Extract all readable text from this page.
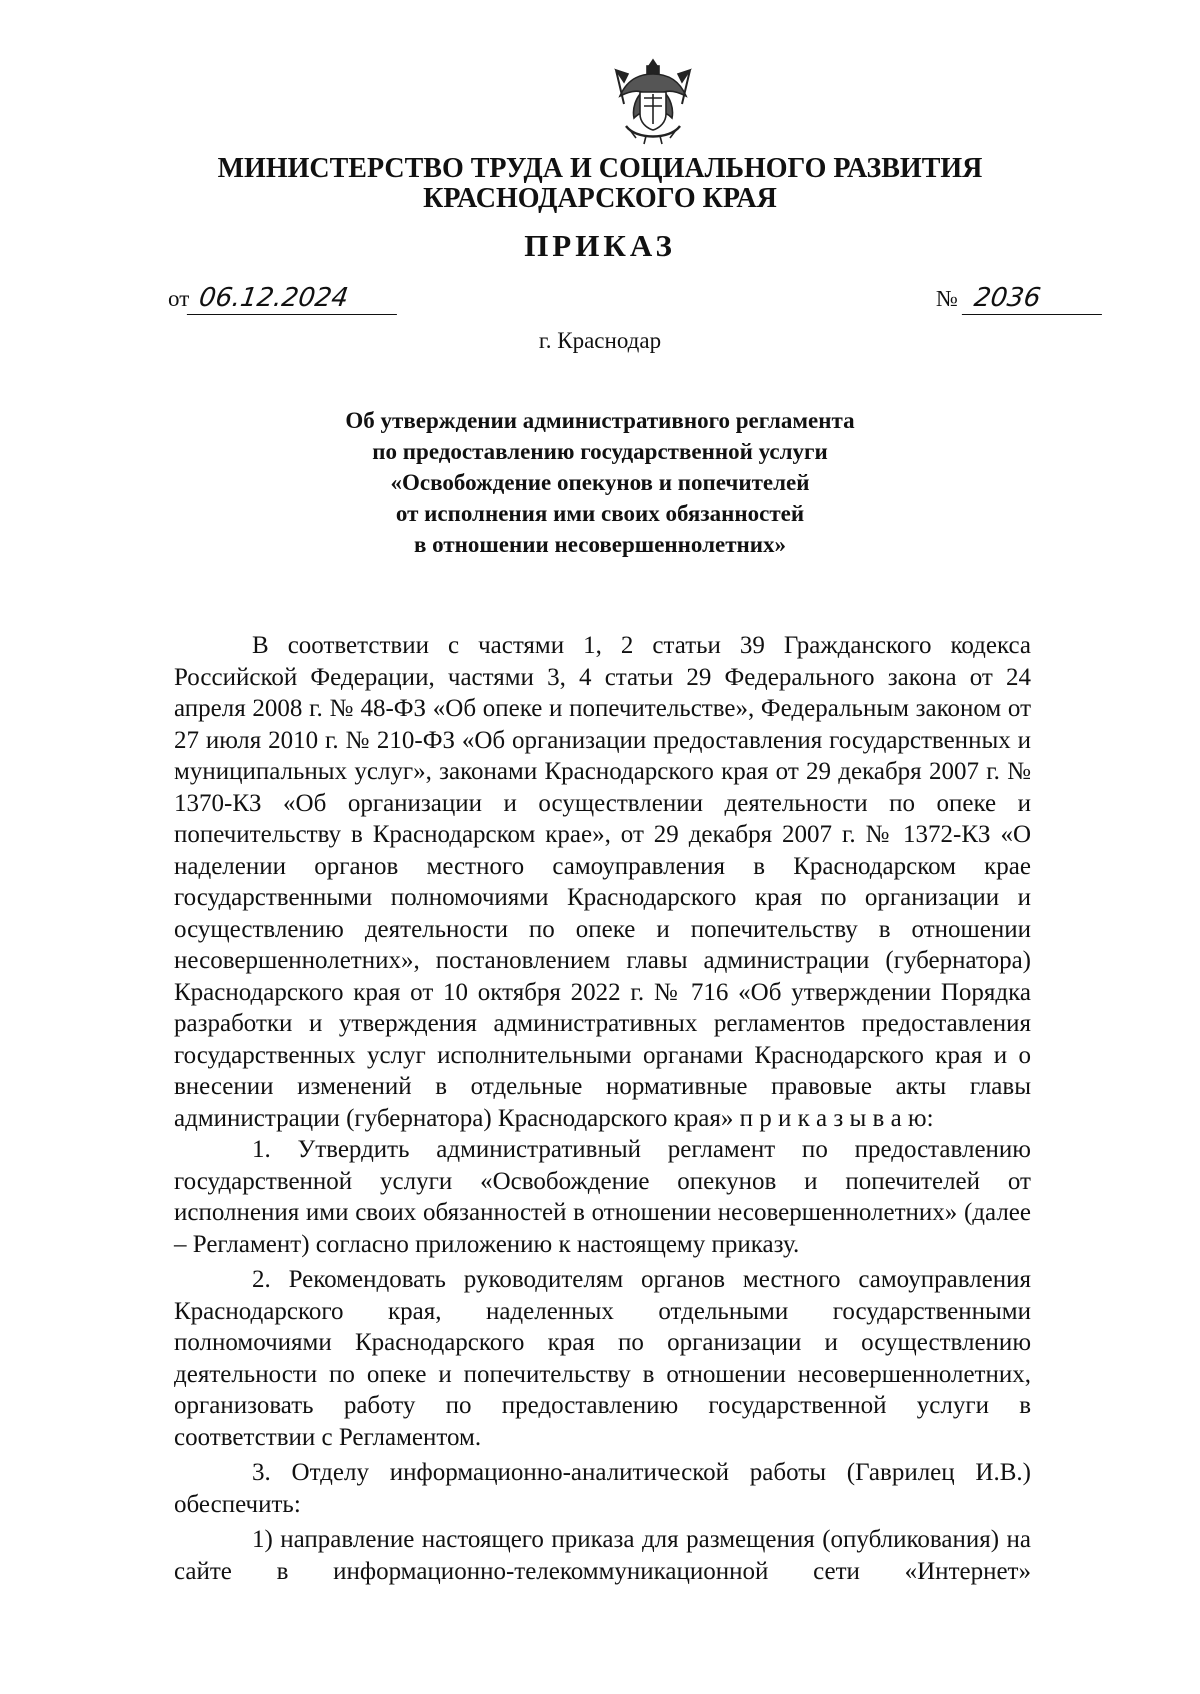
МИНИСТЕРСТВО ТРУДА И СОЦИАЛЬНОГО РАЗВИТИЯ
КРАСНОДАРСКОГО КРАЯ
ПРИКАЗ
от 06.12.2024	№ 2036
г. Краснодар
Об утверждении административного регламента
по предоставлению государственной услуги
«Освобождение опекунов и попечителей
от исполнения ими своих обязанностей
в отношении несовершеннолетних»

В соответствии с частями 1, 2 статьи 39 Гражданского кодекса Российской Федерации, частями 3, 4 статьи 29 Федерального закона от 24 апреля 2008 г. № 48-ФЗ «Об опеке и попечительстве», Федеральным законом от 27 июля 2010 г. № 210-ФЗ «Об организации предоставления государственных и муниципальных услуг», законами Краснодарского края от 29 декабря 2007 г. № 1370-КЗ «Об организации и осуществлении деятельности по опеке и попечительству в Краснодарском крае», от 29 декабря 2007 г. № 1372-КЗ «О наделении органов местного самоуправления в Краснодарском крае государственными полномочиями Краснодарского края по организации и осуществлению деятельности по опеке и попечительству в отношении несовершеннолетних», постановлением главы администрации (губернатора) Краснодарского края от 10 октября 2022 г. № 716 «Об утверждении Порядка разработки и утверждения административных регламентов предоставления государственных услуг исполнительными органами Краснодарского края и о внесении изменений в отдельные нормативные правовые акты главы администрации (губернатора) Краснодарского края» п р и к а з ы в а ю:

1. Утвердить административный регламент по предоставлению государственной услуги «Освобождение опекунов и попечителей от исполнения ими своих обязанностей в отношении несовершеннолетних» (далее – Регламент) согласно приложению к настоящему приказу.

2. Рекомендовать руководителям органов местного самоуправления Краснодарского края, наделенных отдельными государственными полномочиями Краснодарского края по организации и осуществлению деятельности по опеке и попечительству в отношении несовершеннолетних, организовать работу по предоставлению государственной услуги в соответствии с Регламентом.

3. Отделу информационно-аналитической работы (Гаврилец И.В.) обеспечить:

1) направление настоящего приказа для размещения (опубликования) на сайте в информационно-телекоммуникационной сети «Интернет»
